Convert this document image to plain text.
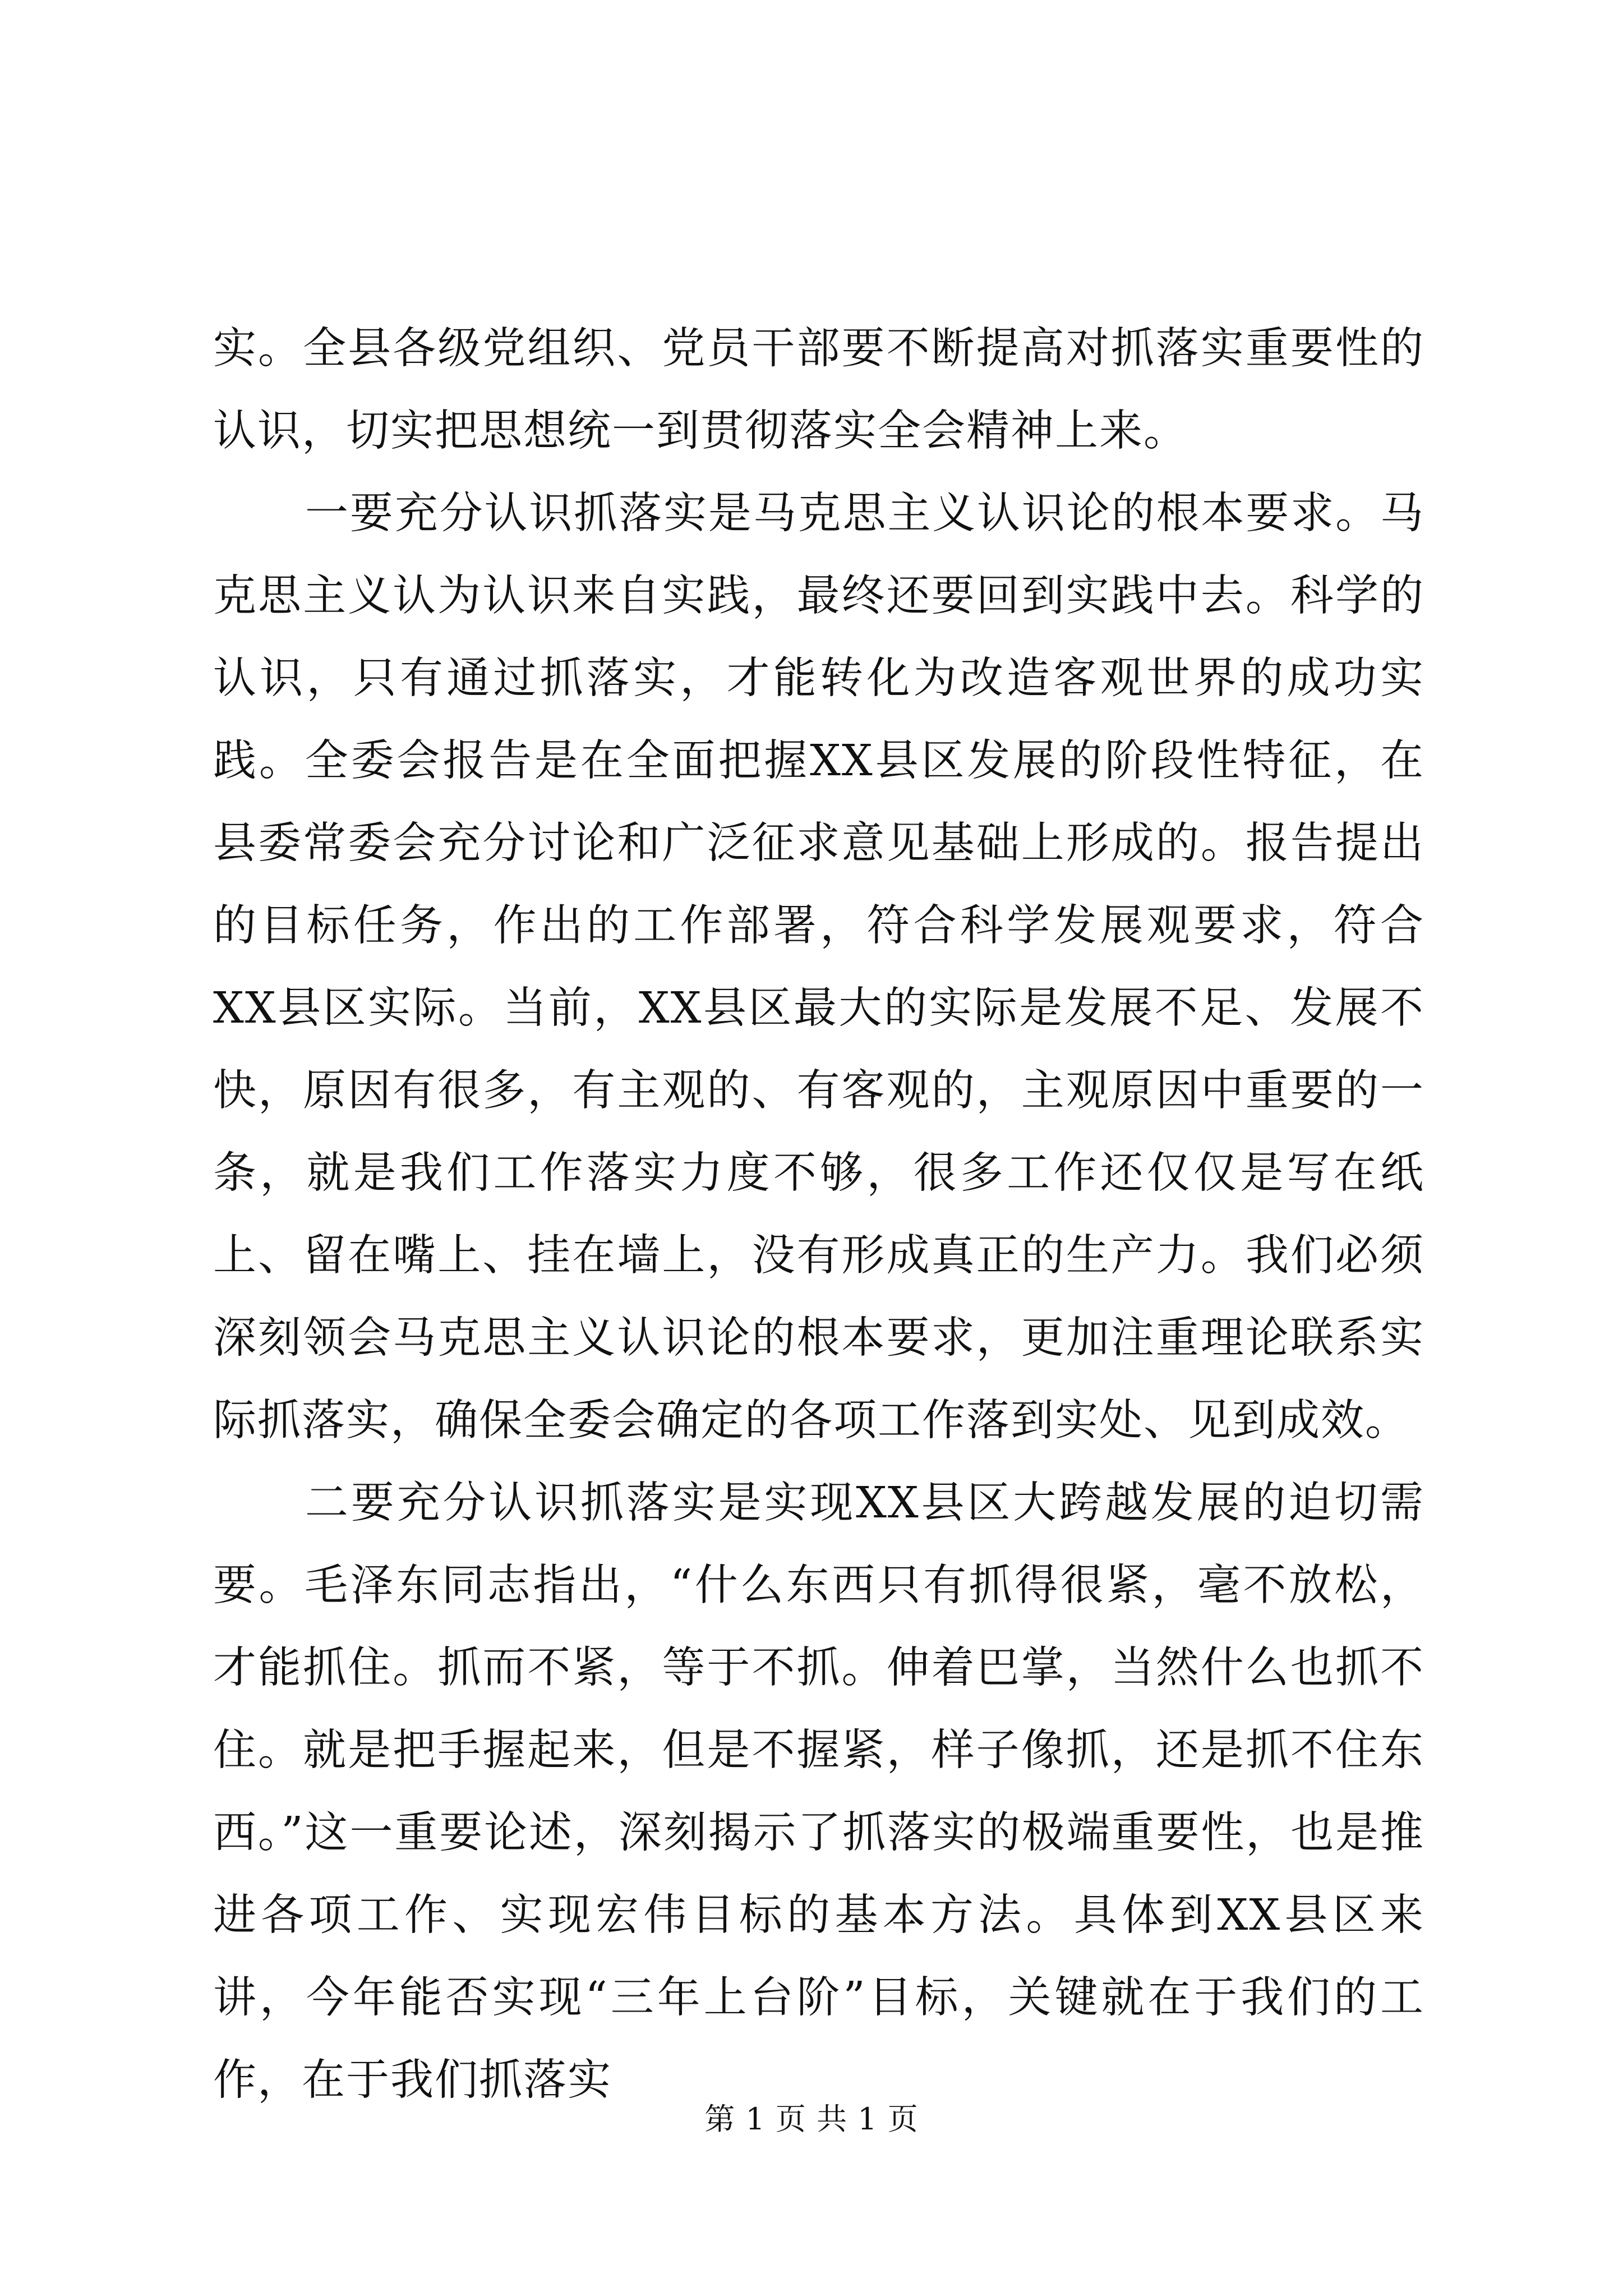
实。全县各级党组织、党员干部要不断提高对抓落实重要性的认识，切实把思想统一到贯彻落实全会精神上来。

一要充分认识抓落实是马克思主义认识论的根本要求。马克思主义认为认识来自实践，最终还要回到实践中去。科学的认识，只有通过抓落实，才能转化为改造客观世界的成功实践。全委会报告是在全面把握XX县区发展的阶段性特征，在县委常委会充分讨论和广泛征求意见基础上形成的。报告提出的目标任务，作出的工作部署，符合科学发展观要求，符合XX县区实际。当前，XX县区最大的实际是发展不足、发展不快，原因有很多，有主观的、有客观的，主观原因中重要的一条，就是我们工作落实力度不够，很多工作还仅仅是写在纸上、留在嘴上、挂在墙上，没有形成真正的生产力。我们必须深刻领会马克思主义认识论的根本要求，更加注重理论联系实际抓落实，确保全委会确定的各项工作落到实处、见到成效。

二要充分认识抓落实是实现XX县区大跨越发展的迫切需要。毛泽东同志指出，“什么东西只有抓得很紧，毫不放松，才能抓住。抓而不紧，等于不抓。伸着巴掌，当然什么也抓不住。就是把手握起来，但是不握紧，样子像抓，还是抓不住东西。”这一重要论述，深刻揭示了抓落实的极端重要性，也是推进各项工作、实现宏伟目标的基本方法。具体到XX县区来讲，今年能否实现“三年上台阶”目标，关键就在于我们的工作，在于我们抓落实

第 1 页 共 1 页
